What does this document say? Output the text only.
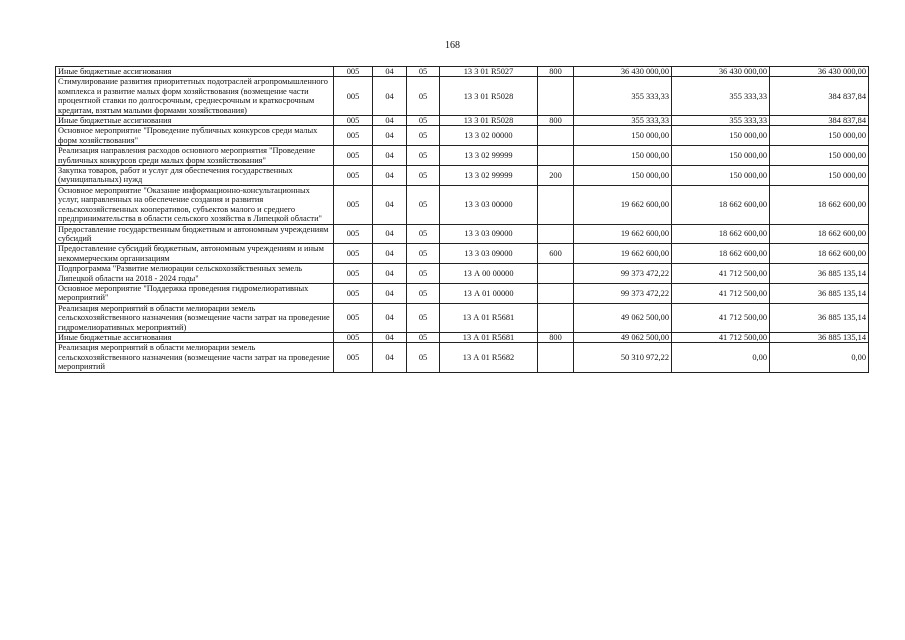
168
Иные бюджетные ассигнования	005	04	05	13 3 01 R5027	800	36 430 000,00	36 430 000,00	36 430 000,00
Стимулирование развития приоритетных подотраслей агропромышленного комплекса и развитие малых форм хозяйствования (возмещение части процентной ставки по долгосрочным, среднесрочным и краткосрочным кредитам, взятым малыми формами хозяйствования)	005	04	05	13 3 01 R5028		355 333,33	355 333,33	384 837,84
Иные бюджетные ассигнования	005	04	05	13 3 01 R5028	800	355 333,33	355 333,33	384 837,84
Основное мероприятие "Проведение публичных конкурсов среди малых форм хозяйствования"	005	04	05	13 3 02 00000		150 000,00	150 000,00	150 000,00
Реализация направления расходов основного мероприятия "Проведение публичных конкурсов среди малых форм хозяйствования"	005	04	05	13 3 02 99999		150 000,00	150 000,00	150 000,00
Закупка товаров, работ и услуг для обеспечения государственных (муниципальных) нужд	005	04	05	13 3 02 99999	200	150 000,00	150 000,00	150 000,00
Основное мероприятие "Оказание информационно-консультационных услуг, направленных на обеспечение создания и развития сельскохозяйственных кооперативов, субъектов малого и среднего предпринимательства в области сельского хозяйства в Липецкой области"	005	04	05	13 3 03 00000		19 662 600,00	18 662 600,00	18 662 600,00
Предоставление государственным бюджетным и автономным учреждениям субсидий	005	04	05	13 3 03 09000		19 662 600,00	18 662 600,00	18 662 600,00
Предоставление субсидий бюджетным, автономным учреждениям и иным некоммерческим организациям	005	04	05	13 3 03 09000	600	19 662 600,00	18 662 600,00	18 662 600,00
Подпрограмма "Развитие мелиорации сельскохозяйственных земель Липецкой области на 2018 - 2024 годы"	005	04	05	13 А 00 00000		99 373 472,22	41 712 500,00	36 885 135,14
Основное мероприятие "Поддержка проведения гидромелиоративных мероприятий"	005	04	05	13 А 01 00000		99 373 472,22	41 712 500,00	36 885 135,14
Реализация мероприятий в области мелиорации земель сельскохозяйственного назначения (возмещение части затрат на проведение гидромелиоративных мероприятий)	005	04	05	13 А 01 R5681		49 062 500,00	41 712 500,00	36 885 135,14
Иные бюджетные ассигнования	005	04	05	13 А 01 R5681	800	49 062 500,00	41 712 500,00	36 885 135,14
Реализация мероприятий в области мелиорации земель сельскохозяйственного назначения (возмещение части затрат на проведение мероприятий	005	04	05	13 А 01 R5682		50 310 972,22	0,00	0,00
